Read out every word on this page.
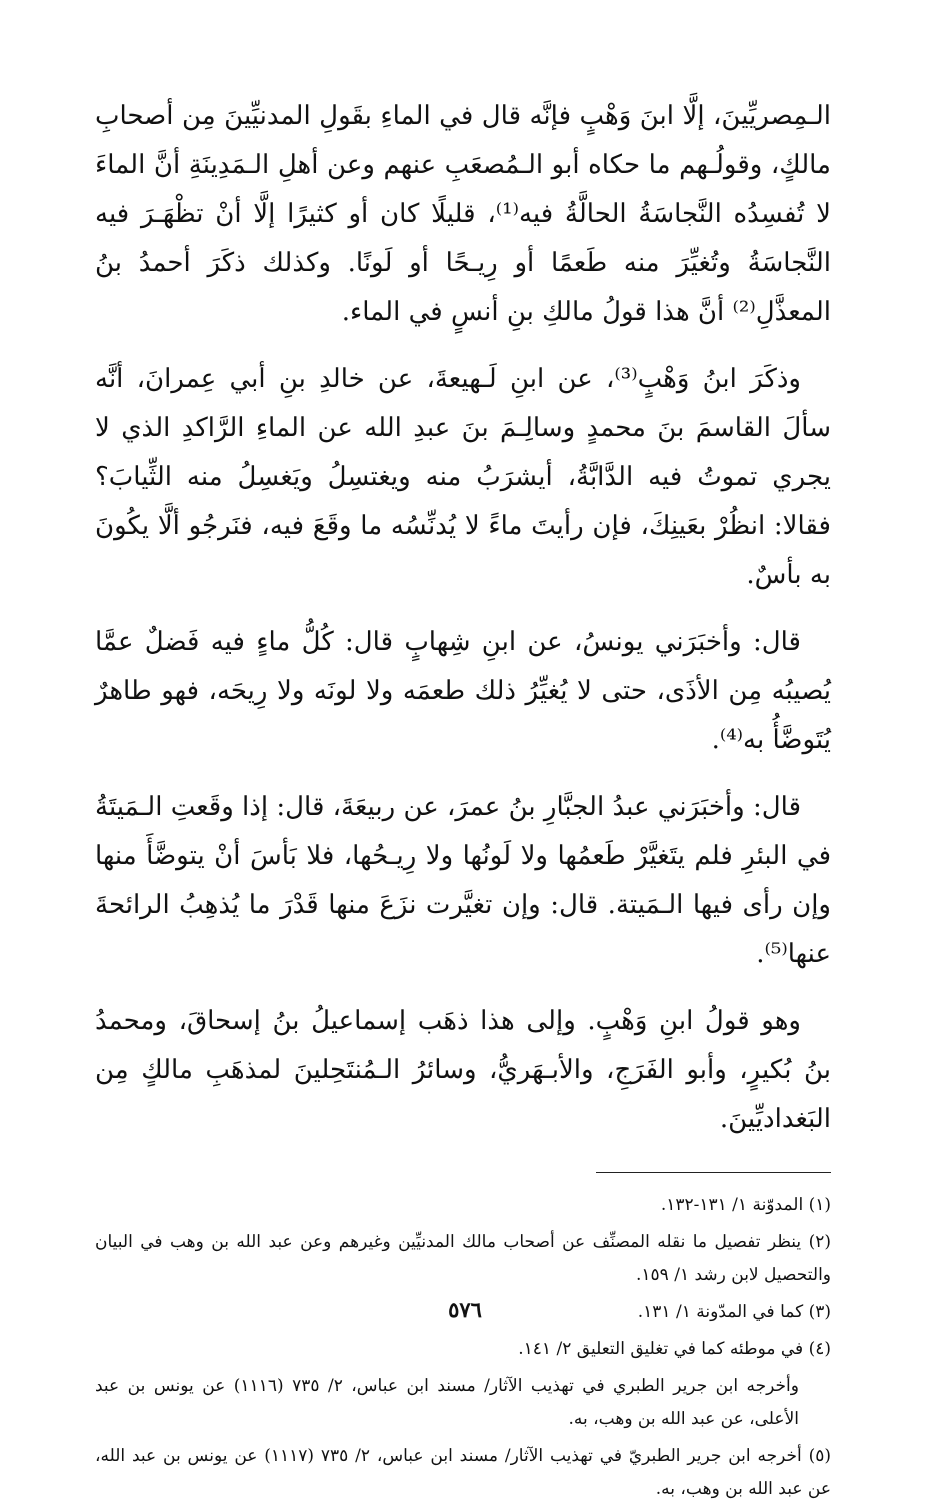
الـمِصريِّينَ، إلَّا ابنَ وَهْبٍ فإنَّه قال في الماءِ بقَولِ المدنيِّينَ مِن أصحابِ مالكٍ، وقولُـهم ما حكاه أبو الـمُصعَبِ عنهم وعن أهلِ الـمَدِينَةِ أنَّ الماءَ لا تُفسِدُه النَّجاسَةُ الحالَّةُ فيه⁽¹⁾، قليلًا كان أو كثيرًا إلَّا أنْ تظْهَـرَ فيه النَّجاسَةُ وتُغيِّرَ منه طَعمًا أو رِيـحًا أو لَونًا. وكذلك ذكَرَ أحمدُ بنُ المعذَّلِ⁽²⁾ أنَّ هذا قولُ مالكِ بنِ أنسٍ في الماء.

وذكَرَ ابنُ وَهْبٍ⁽³⁾، عن ابنِ لَـهيعةَ، عن خالدِ بنِ أبي عِمرانَ، أنَّه سألَ القاسمَ بنَ محمدٍ وسالِـمَ بنَ عبدِ الله عن الماءِ الرَّاكدِ الذي لا يجري تموتُ فيه الدَّابَّةُ، أيشرَبُ منه ويغتسِلُ ويَغسِلُ منه الثِّيابَ؟ فقالا: انظُرْ بعَينِكَ، فإن رأيتَ ماءً لا يُدنِّسُه ما وقَعَ فيه، فنَرجُو ألَّا يكُونَ به بأسٌ.

قال: وأخبَرَني يونسُ، عن ابنِ شِهابٍ قال: كُلُّ ماءٍ فيه فَضلٌ عمَّا يُصيبُه مِن الأذَى، حتى لا يُغيِّرُ ذلك طعمَه ولا لونَه ولا رِيحَه، فهو طاهرٌ يُتَوضَّأُ به⁽⁴⁾.

قال: وأخبَرَني عبدُ الجبَّارِ بنُ عمرَ، عن ربيعَةَ، قال: إذا وقَعتِ الـمَيتَةُ في البئرِ فلم يتَغيَّرْ طَعمُها ولا لَونُها ولا رِيـحُها، فلا بَأسَ أنْ يتوضَّأَ منها وإن رأى فيها الـمَيتة. قال: وإن تغيَّرت نزَعَ منها قَدْرَ ما يُذهِبُ الرائحةَ عنها⁽⁵⁾.

وهو قولُ ابنِ وَهْبٍ. وإلى هذا ذهَب إسماعيلُ بنُ إسحاقَ، ومحمدُ بنُ بُكيرٍ، وأبو الفَرَجِ، والأبـهَريُّ، وسائرُ الـمُنتَحِلينَ لمذهَبِ مالكٍ مِن البَغداديِّينَ.

(١) المدوّنة ١/ ١٣١-١٣٢.

(٢) ينظر تفصيل ما نقله المصنِّف عن أصحاب مالك المدنيِّين وغيرهم وعن عبد الله بن وهب في البيان والتحصيل لابن رشد ١/ ١٥٩.

(٣) كما في المدّونة ١/ ١٣١.

(٤) في موطئه كما في تغليق التعليق ٢/ ١٤١.

وأخرجه ابن جرير الطبري في تهذيب الآثار/ مسند ابن عباس، ٢/ ٧٣٥ (١١١٦) عن يونس بن عبد الأعلى، عن عبد الله بن وهب، به.

(٥) أخرجه ابن جرير الطبريّ في تهذيب الآثار/ مسند ابن عباس، ٢/ ٧٣٥ (١١١٧) عن يونس بن عبد الله، عن عبد الله بن وهب، به.

٥٧٦
